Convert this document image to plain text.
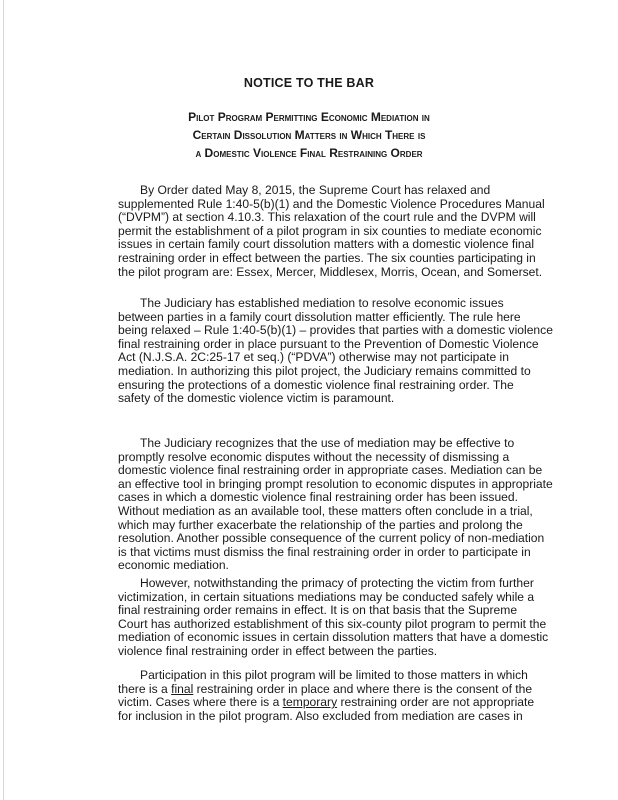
NOTICE TO THE BAR
Pilot Program Permitting Economic Mediation in
Certain Dissolution Matters in Which There is
a Domestic Violence Final Restraining Order
By Order dated May 8, 2015, the Supreme Court has relaxed and
supplemented Rule 1:40-5(b)(1) and the Domestic Violence Procedures Manual
(“DVPM”) at section 4.10.3. This relaxation of the court rule and the DVPM will
permit the establishment of a pilot program in six counties to mediate economic
issues in certain family court dissolution matters with a domestic violence final
restraining order in effect between the parties. The six counties participating in
the pilot program are: Essex, Mercer, Middlesex, Morris, Ocean, and Somerset.
The Judiciary has established mediation to resolve economic issues
between parties in a family court dissolution matter efficiently. The rule here
being relaxed – Rule 1:40-5(b)(1) – provides that parties with a domestic violence
final restraining order in place pursuant to the Prevention of Domestic Violence
Act (N.J.S.A. 2C:25-17 et seq.) (“PDVA”) otherwise may not participate in
mediation. In authorizing this pilot project, the Judiciary remains committed to
ensuring the protections of a domestic violence final restraining order. The
safety of the domestic violence victim is paramount.
The Judiciary recognizes that the use of mediation may be effective to
promptly resolve economic disputes without the necessity of dismissing a
domestic violence final restraining order in appropriate cases. Mediation can be
an effective tool in bringing prompt resolution to economic disputes in appropriate
cases in which a domestic violence final restraining order has been issued.
Without mediation as an available tool, these matters often conclude in a trial,
which may further exacerbate the relationship of the parties and prolong the
resolution. Another possible consequence of the current policy of non-mediation
is that victims must dismiss the final restraining order in order to participate in
economic mediation.
However, notwithstanding the primacy of protecting the victim from further
victimization, in certain situations mediations may be conducted safely while a
final restraining order remains in effect. It is on that basis that the Supreme
Court has authorized establishment of this six-county pilot program to permit the
mediation of economic issues in certain dissolution matters that have a domestic
violence final restraining order in effect between the parties.
Participation in this pilot program will be limited to those matters in which
there is a final restraining order in place and where there is the consent of the
victim. Cases where there is a temporary restraining order are not appropriate
for inclusion in the pilot program. Also excluded from mediation are cases in
